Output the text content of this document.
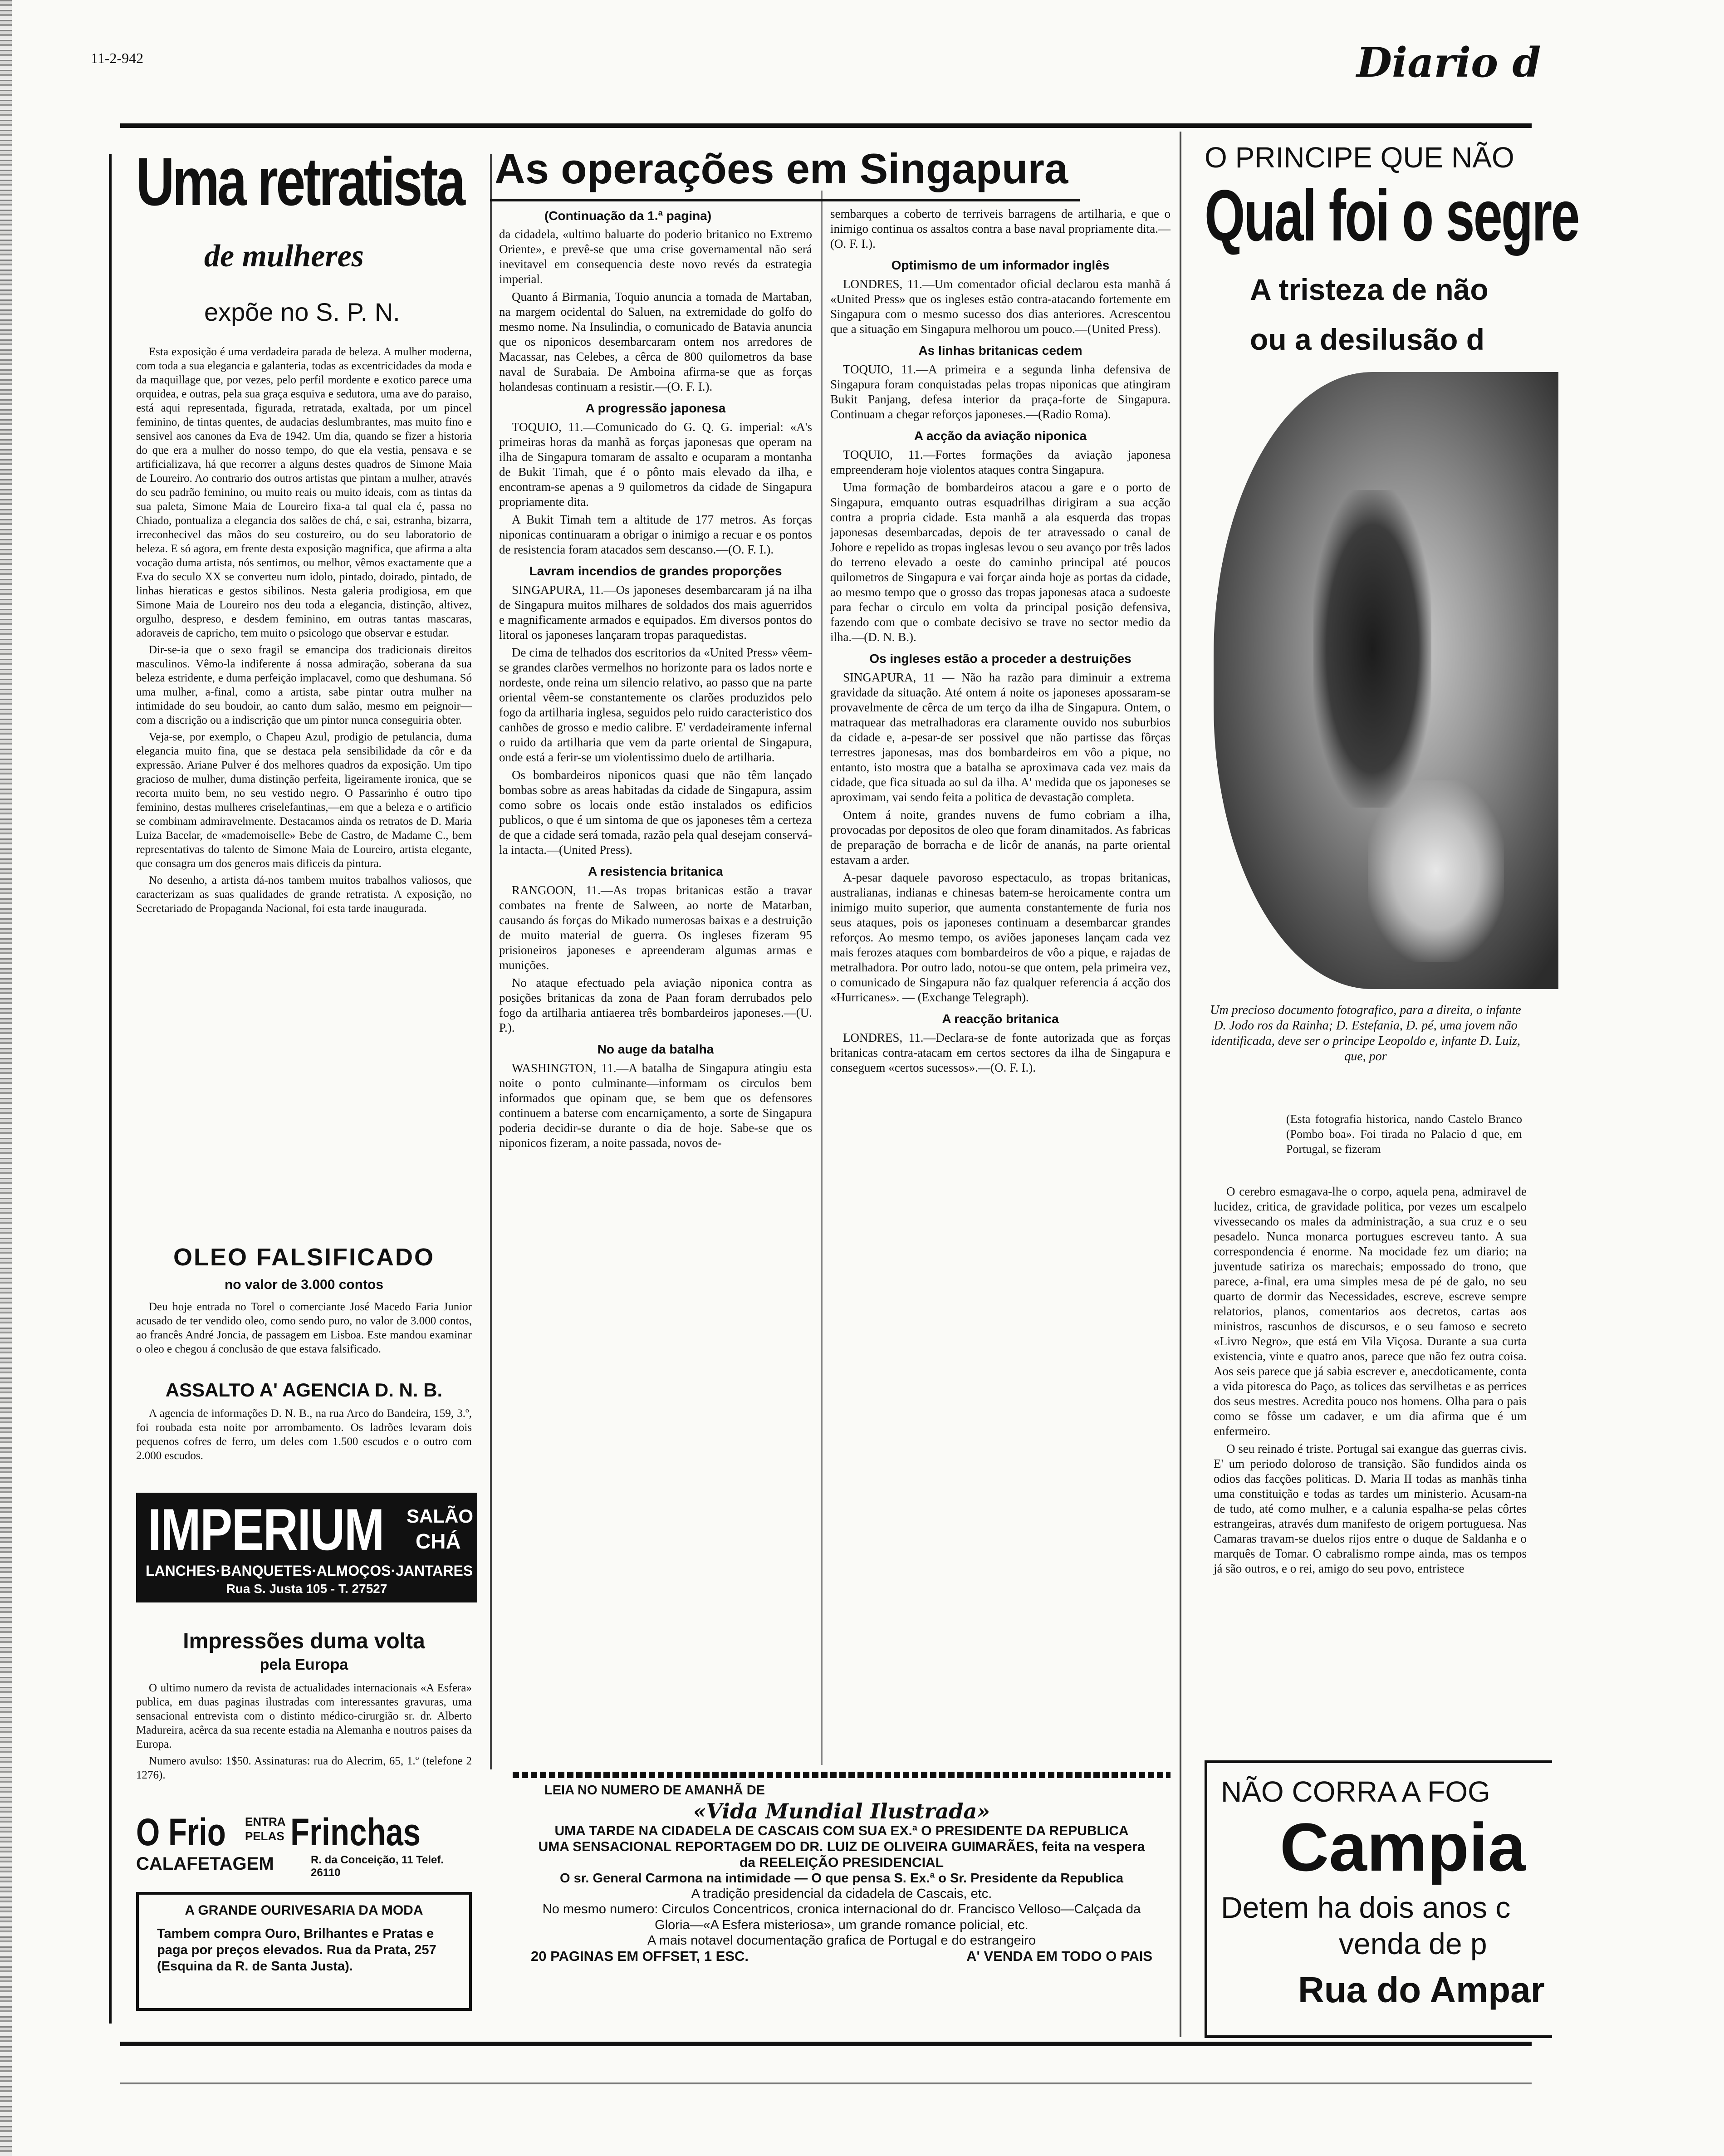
11-2-942	Diario d
Uma retratista
de mulheres
expõe no S. P. N.

Esta exposição é uma verdadeira parada de beleza. A mulher moderna, com toda a sua elegancia e galanteria, todas as excentricidades da moda e da maquillage que, por vezes, pelo perfil mordente e exotico parece uma orquidea, e outras, pela sua graça esquiva e sedutora, uma ave do paraiso, está aqui representada, figurada, retratada, exaltada, por um pincel feminino, de tintas quentes, de audacias deslumbrantes, mas muito fino e sensivel aos canones da Eva de 1942. Um dia, quando se fizer a historia do que era a mulher do nosso tempo, do que ela vestia, pensava e se artificializava, há que recorrer a alguns destes quadros de Simone Maia de Loureiro. Ao contrario dos outros artistas que pintam a mulher, através do seu padrão feminino, ou muito reais ou muito ideais, com as tintas da sua paleta, Simone Maia de Loureiro fixa-a tal qual ela é, passa no Chiado, pontualiza a elegancia dos salões de chá, e sai, estranha, bizarra, irreconhecivel das mãos do seu costureiro, ou do seu laboratorio de beleza. E só agora, em frente desta exposição magnifica, que afirma a alta vocação duma artista, nós sentimos, ou melhor, vêmos exactamente que a Eva do seculo XX se converteu num idolo, pintado, doirado, pintado, de linhas hieraticas e gestos sibilinos. Nesta galeria prodigiosa, em que Simone Maia de Loureiro nos deu toda a elegancia, distinção, altivez, orgulho, despreso, e desdem feminino, em outras tantas mascaras, adoraveis de capricho, tem muito o psicologo que observar e estudar.

Dir-se-ia que o sexo fragil se emancipa dos tradicionais direitos masculinos. Vêmo-la indiferente á nossa admiração, soberana da sua beleza estridente, e duma perfeição implacavel, como que deshumana. Só uma mulher, a-final, como a artista, sabe pintar outra mulher na intimidade do seu boudoir, ao canto dum salão, mesmo em peignoir—com a discrição ou a indiscrição que um pintor nunca conseguiria obter.

Veja-se, por exemplo, o Chapeu Azul, prodigio de petulancia, duma elegancia muito fina, que se destaca pela sensibilidade da côr e da expressão. Ariane Pulver é dos melhores quadros da exposição. Um tipo gracioso de mulher, duma distinção perfeita, ligeiramente ironica, que se recorta muito bem, no seu vestido negro. O Passarinho é outro tipo feminino, destas mulheres criselefantinas,—em que a beleza e o artificio se combinam admiravelmente. Destacamos ainda os retratos de D. Maria Luiza Bacelar, de «mademoiselle» Bebe de Castro, de Madame C., bem representativas do talento de Simone Maia de Loureiro, artista elegante, que consagra um dos generos mais dificeis da pintura.

No desenho, a artista dá-nos tambem muitos trabalhos valiosos, que caracterizam as suas qualidades de grande retratista. A exposição, no Secretariado de Propaganda Nacional, foi esta tarde inaugurada.

OLEO FALSIFICADO
no valor de 3.000 contos

Deu hoje entrada no Torel o comerciante José Macedo Faria Junior acusado de ter vendido oleo, como sendo puro, no valor de 3.000 contos, ao francês André Joncia, de passagem em Lisboa. Este mandou examinar o oleo e chegou á conclusão de que estava falsificado.

ASSALTO A' AGENCIA D. N. B.

A agencia de informações D. N. B., na rua Arco do Bandeira, 159, 3.º, foi roubada esta noite por arrombamento. Os ladrões levaram dois pequenos cofres de ferro, um deles com 1.500 escudos e o outro com 2.000 escudos.

IMPERIUM SALÃO
CHÁ
LANCHES·BANQUETES·ALMOÇOS·JANTARES
Rua S. Justa 105 - T. 27527
Impressões duma volta
pela Europa

O ultimo numero da revista de actualidades internacionais «A Esfera» publica, em duas paginas ilustradas com interessantes gravuras, uma sensacional entrevista com o distinto médico-cirurgião sr. dr. Alberto Madureira, acêrca da sua recente estadia na Alemanha e noutros paises da Europa.

Numero avulso: 1$50. Assinaturas: rua do Alecrim, 65, 1.º (telefone 2 1276).

O Frio ENTRA
PELAS Frinchas
CALAFETAGEM	R. da Conceição, 11 Telef. 26110
A GRANDE OURIVESARIA DA MODA
Tambem compra Ouro, Brilhantes e Pratas e paga por preços elevados. Rua da Prata, 257 (Esquina da R. de Santa Justa).
As operações em Singapura
(Continuação da 1.ª pagina)

da cidadela, «ultimo baluarte do poderio britanico no Extremo Oriente», e prevê-se que uma crise governamental não será inevitavel em consequencia deste novo revés da estrategia imperial.

Quanto á Birmania, Toquio anuncia a tomada de Martaban, na margem ocidental do Saluen, na extremidade do golfo do mesmo nome. Na Insulindia, o comunicado de Batavia anuncia que os niponicos desembarcaram ontem nos arredores de Macassar, nas Celebes, a cêrca de 800 quilometros da base naval de Surabaia. De Amboina afirma-se que as forças holandesas continuam a resistir.—(O. F. I.).

A progressão japonesa

TOQUIO, 11.—Comunicado do G. Q. G. imperial: «A's primeiras horas da manhã as forças japonesas que operam na ilha de Singapura tomaram de assalto e ocuparam a montanha de Bukit Timah, que é o pônto mais elevado da ilha, e encontram-se apenas a 9 quilometros da cidade de Singapura propriamente dita.

A Bukit Timah tem a altitude de 177 metros. As forças niponicas continuaram a obrigar o inimigo a recuar e os pontos de resistencia foram atacados sem descanso.—(O. F. I.).

Lavram incendios de grandes proporções

SINGAPURA, 11.—Os japoneses desembarcaram já na ilha de Singapura muitos milhares de soldados dos mais aguerridos e magnificamente armados e equipados. Em diversos pontos do litoral os japoneses lançaram tropas paraquedistas.

De cima de telhados dos escritorios da «United Press» vêem-se grandes clarões vermelhos no horizonte para os lados norte e nordeste, onde reina um silencio relativo, ao passo que na parte oriental vêem-se constantemente os clarões produzidos pelo fogo da artilharia inglesa, seguidos pelo ruido caracteristico dos canhões de grosso e medio calibre. E' verdadeiramente infernal o ruido da artilharia que vem da parte oriental de Singapura, onde está a ferir-se um violentissimo duelo de artilharia.

Os bombardeiros niponicos quasi que não têm lançado bombas sobre as areas habitadas da cidade de Singapura, assim como sobre os locais onde estão instalados os edificios publicos, o que é um sintoma de que os japoneses têm a certeza de que a cidade será tomada, razão pela qual desejam conservá-la intacta.—(United Press).

A resistencia britanica

RANGOON, 11.—As tropas britanicas estão a travar combates na frente de Salween, ao norte de Matarban, causando ás forças do Mikado numerosas baixas e a destruição de muito material de guerra. Os ingleses fizeram 95 prisioneiros japoneses e apreenderam algumas armas e munições.

No ataque efectuado pela aviação niponica contra as posições britanicas da zona de Paan foram derrubados pelo fogo da artilharia antiaerea três bombardeiros japoneses.—(U. P.).

No auge da batalha

WASHINGTON, 11.—A batalha de Singapura atingiu esta noite o ponto culminante—informam os circulos bem informados que opinam que, se bem que os defensores continuem a baterse com encarniçamento, a sorte de Singapura poderia decidir-se durante o dia de hoje. Sabe-se que os niponicos fizeram, a noite passada, novos de-

sembarques a coberto de terriveis barragens de artilharia, e que o inimigo continua os assaltos contra a base naval propriamente dita.—(O. F. I.).

Optimismo de um informador inglês

LONDRES, 11.—Um comentador oficial declarou esta manhã á «United Press» que os ingleses estão contra-atacando fortemente em Singapura com o mesmo sucesso dos dias anteriores. Acrescentou que a situação em Singapura melhorou um pouco.—(United Press).

As linhas britanicas cedem

TOQUIO, 11.—A primeira e a segunda linha defensiva de Singapura foram conquistadas pelas tropas niponicas que atingiram Bukit Panjang, defesa interior da praça-forte de Singapura. Continuam a chegar reforços japoneses.—(Radio Roma).

A acção da aviação niponica

TOQUIO, 11.—Fortes formações da aviação japonesa empreenderam hoje violentos ataques contra Singapura.

Uma formação de bombardeiros atacou a gare e o porto de Singapura, emquanto outras esquadrilhas dirigiram a sua acção contra a propria cidade. Esta manhã a ala esquerda das tropas japonesas desembarcadas, depois de ter atravessado o canal de Johore e repelido as tropas inglesas levou o seu avanço por três lados do terreno elevado a oeste do caminho principal até poucos quilometros de Singapura e vai forçar ainda hoje as portas da cidade, ao mesmo tempo que o grosso das tropas japonesas ataca a sudoeste para fechar o circulo em volta da principal posição defensiva, fazendo com que o combate decisivo se trave no sector medio da ilha.—(D. N. B.).

Os ingleses estão a proceder a destruições

SINGAPURA, 11 — Não ha razão para diminuir a extrema gravidade da situação. Até ontem á noite os japoneses apossaram-se provavelmente de cêrca de um terço da ilha de Singapura. Ontem, o matraquear das metralhadoras era claramente ouvido nos suburbios da cidade e, a-pesar-de ser possivel que não partisse das fôrças terrestres japonesas, mas dos bombardeiros em vôo a pique, no entanto, isto mostra que a batalha se aproximava cada vez mais da cidade, que fica situada ao sul da ilha. A' medida que os japoneses se aproximam, vai sendo feita a politica de devastação completa.

Ontem á noite, grandes nuvens de fumo cobriam a ilha, provocadas por depositos de oleo que foram dinamitados. As fabricas de preparação de borracha e de licôr de ananás, na parte oriental estavam a arder.

A-pesar daquele pavoroso espectaculo, as tropas britanicas, australianas, indianas e chinesas batem-se heroicamente contra um inimigo muito superior, que aumenta constantemente de furia nos seus ataques, pois os japoneses continuam a desembarcar grandes reforços. Ao mesmo tempo, os aviões japoneses lançam cada vez mais ferozes ataques com bombardeiros de vôo a pique, e rajadas de metralhadora. Por outro lado, notou-se que ontem, pela primeira vez, o comunicado de Singapura não faz qualquer referencia á acção dos «Hurricanes». — (Exchange Telegraph).

A reacção britanica

LONDRES, 11.—Declara-se de fonte autorizada que as forças britanicas contra-atacam em certos sectores da ilha de Singapura e conseguem «certos sucessos».—(O. F. I.).

LEIA NO NUMERO DE AMANHÃ DE
«Vida Mundial Ilustrada»
UMA TARDE NA CIDADELA DE CASCAIS COM SUA EX.ª O PRESIDENTE DA REPUBLICA
UMA SENSACIONAL REPORTAGEM DO DR. LUIZ DE OLIVEIRA GUIMARÃES, feita na vespera da REELEIÇÃO PRESIDENCIAL
O sr. General Carmona na intimidade — O que pensa S. Ex.ª o Sr. Presidente da Republica
A tradição presidencial da cidadela de Cascais, etc.
No mesmo numero: Circulos Concentricos, cronica internacional do dr. Francisco Velloso—Calçada da Gloria—«A Esfera misteriosa», um grande romance policial, etc.
A mais notavel documentação grafica de Portugal e do estrangeiro
20 PAGINAS EM OFFSET, 1 ESC.	A' VENDA EM TODO O PAIS
O PRINCIPE QUE NÃO
Qual foi o segre
A tristeza de não
ou a desilusão d
Um precioso documento fotografico, para a direita, o infante D. Jodo ros da Rainha; D. Estefania, D. pé, uma jovem não identificada, deve ser o principe Leopoldo e, infante D. Luiz, que, por
(Esta fotografia historica, nando Castelo Branco (Pombo boa». Foi tirada no Palacio d que, em Portugal, se fizeram

O cerebro esmagava-lhe o corpo, aquela pena, admiravel de lucidez, critica, de gravidade politica, por vezes um escalpelo vivessecando os males da administração, a sua cruz e o seu pesadelo. Nunca monarca portugues escreveu tanto. A sua correspondencia é enorme. Na mocidade fez um diario; na juventude satiriza os marechais; empossado do trono, que parece, a-final, era uma simples mesa de pé de galo, no seu quarto de dormir das Necessidades, escreve, escreve sempre relatorios, planos, comentarios aos decretos, cartas aos ministros, rascunhos de discursos, e o seu famoso e secreto «Livro Negro», que está em Vila Viçosa. Durante a sua curta existencia, vinte e quatro anos, parece que não fez outra coisa. Aos seis parece que já sabia escrever e, anecdoticamente, conta a vida pitoresca do Paço, as tolices das servilhetas e as perrices dos seus mestres. Acredita pouco nos homens. Olha para o pais como se fôsse um cadaver, e um dia afirma que é um enfermeiro.

O seu reinado é triste. Portugal sai exangue das guerras civis. E' um periodo doloroso de transição. São fundidos ainda os odios das facções politicas. D. Maria II todas as manhãs tinha uma constituição e todas as tardes um ministerio. Acusam-na de tudo, até como mulher, e a calunia espalha-se pelas côrtes estrangeiras, através dum manifesto de origem portuguesa. Nas Camaras travam-se duelos rijos entre o duque de Saldanha e o marquês de Tomar. O cabralismo rompe ainda, mas os tempos já são outros, e o rei, amigo do seu povo, entristece

NÃO CORRA A FOG
Campia
Detem ha dois anos c
venda de p
Rua do Ampar
